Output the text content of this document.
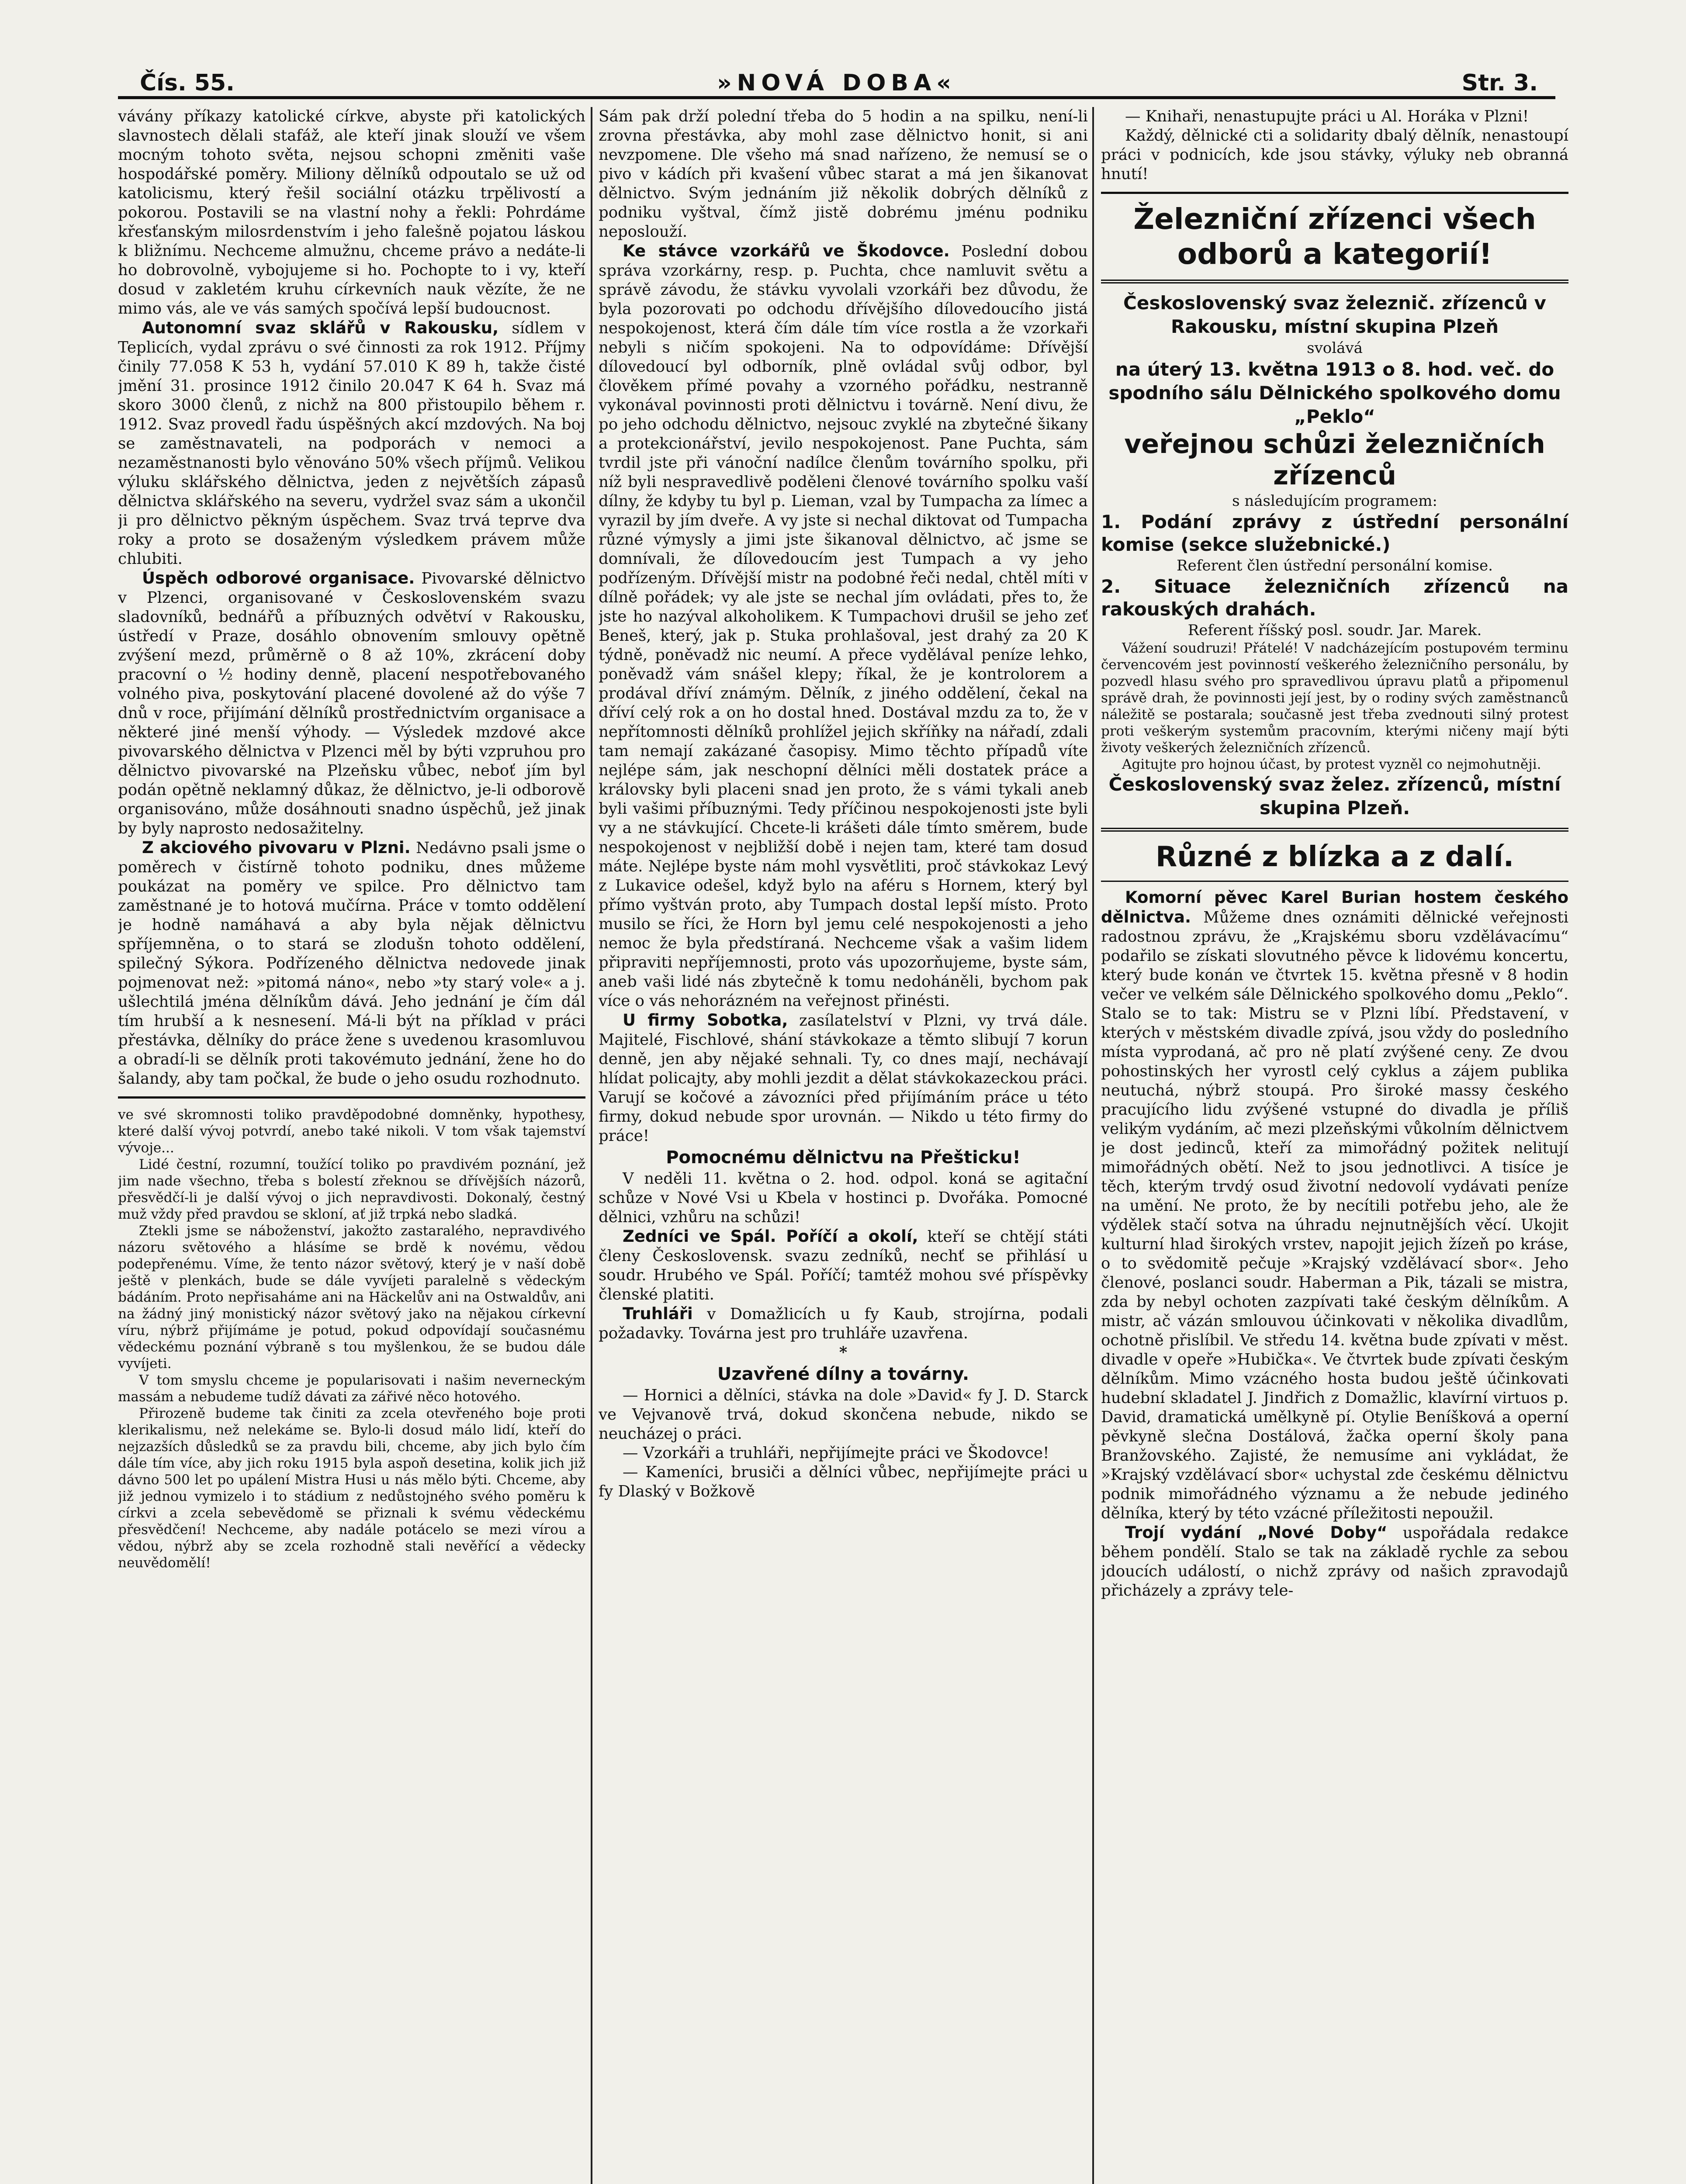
Čís. 55.	»NOVÁ DOBA«	Str. 3.

vávány příkazy katolické církve, abyste při katolických slavnostech dělali stafáž, ale kteří jinak slouží ve všem mocným tohoto světa, nejsou schopni změniti vaše hospodářské poměry. Miliony dělníků odpoutalo se už od katolicismu, který řešil sociální otázku trpělivostí a pokorou. Postavili se na vlastní nohy a řekli: Pohrdáme křesťanským milosrdenstvím i jeho falešně pojatou láskou k bližnímu. Nechceme almužnu, chceme právo a nedáte-li ho dobrovolně, vybojujeme si ho. Pochopte to i vy, kteří dosud v zakletém kruhu církevních nauk vězíte, že ne mimo vás, ale ve vás samých spočívá lepší budoucnost.

Autonomní svaz sklářů v Rakousku, sídlem v Teplicích, vydal zprávu o své činnosti za rok 1912. Příjmy činily 77.058 K 53 h, vydání 57.010 K 89 h, takže čisté jmění 31. prosince 1912 činilo 20.047 K 64 h. Svaz má skoro 3000 členů, z nichž na 800 přistoupilo během r. 1912. Svaz provedl řadu úspěšných akcí mzdových. Na boj se zaměstnavateli, na podporách v nemoci a nezaměstnanosti bylo věnováno 50% všech příjmů. Velikou výluku sklářského dělnictva, jeden z největších zápasů dělnictva sklářského na severu, vydržel svaz sám a ukončil ji pro dělnictvo pěkným úspěchem. Svaz trvá teprve dva roky a proto se dosaženým výsledkem právem může chlubiti.

Úspěch odborové organisace. Pivovarské dělnictvo v Plzenci, organisované v Československém svazu sladovníků, bednářů a příbuzných odvětví v Rakousku, ústředí v Praze, dosáhlo obnovením smlouvy opětně zvýšení mezd, průměrně o 8 až 10%, zkrácení doby pracovní o ½ hodiny denně, placení nespotřebovaného volného piva, poskytování placené dovolené až do výše 7 dnů v roce, přijímání dělníků prostřednictvím organisace a některé jiné menší výhody. — Výsledek mzdové akce pivovarského dělnictva v Plzenci měl by býti vzpruhou pro dělnictvo pivovarské na Plzeňsku vůbec, neboť jím byl podán opětně neklamný důkaz, že dělnictvo, je-li odborově organisováno, může dosáhnouti snadno úspěchů, jež jinak by byly naprosto nedosažitelny.

Z akciového pivovaru v Plzni. Nedávno psali jsme o poměrech v čistírně tohoto podniku, dnes můžeme poukázat na poměry ve spilce. Pro dělnictvo tam zaměstnané je to hotová mučírna. Práce v tomto oddělení je hodně namáhavá a aby byla nějak dělnictvu spříjemněna, o to stará se zlodušn tohoto oddělení, spilečný Sýkora. Podřízeného dělnictva nedovede jinak pojmenovat než: »pitomá náno«, nebo »ty starý vole« a j. ušlechtilá jména dělníkům dává. Jeho jednání je čím dál tím hrubší a k nesnesení. Má-li být na příklad v práci přestávka, dělníky do práce žene s uvedenou krasomluvou a obradí-li se dělník proti takovémuto jednání, žene ho do šalandy, aby tam počkal, že bude o jeho osudu rozhodnuto.

ve své skromnosti toliko pravděpodobné domněnky, hypothesy, které další vývoj potvrdí, anebo také nikoli. V tom však tajemství vývoje...

Lidé čestní, rozumní, toužící toliko po pravdivém poznání, jež jim nade všechno, třeba s bolestí zřeknou se dřívějších názorů, přesvědčí-li je další vývoj o jich nepravdivosti. Dokonalý, čestný muž vždy před pravdou se skloní, ať již trpká nebo sladká.

Ztekli jsme se náboženství, jakožto zastaralého, nepravdivého názoru světového a hlásíme se brdě k novému, vědou podepřenému. Víme, že tento názor světový, který je v naší době ještě v plenkách, bude se dále vyvíjeti paralelně s vědeckým bádáním. Proto nepřisaháme ani na Häckelův ani na Ostwaldův, ani na žádný jiný monistický názor světový jako na nějakou církevní víru, nýbrž přijímáme je potud, pokud odpovídají současnému vědeckému poznání výbraně s tou myšlenkou, že se budou dále vyvíjeti.

V tom smyslu chceme je popularisovati i našim neverneckým massám a nebudeme tudíž dávati za zářivé něco hotového.

Přirozeně budeme tak činiti za zcela otevřeného boje proti klerikalismu, než nelekáme se. Bylo-li dosud málo lidí, kteří do nejzazších důsledků se za pravdu bili, chceme, aby jich bylo čím dále tím více, aby jich roku 1915 byla aspoň desetina, kolik jich již dávno 500 let po upálení Mistra Husi u nás mělo býti. Chceme, aby již jednou vymizelo i to stádium z nedůstojného svého poměru k církvi a zcela sebevědomě se přiznali k svému vědeckému přesvědčení! Nechceme, aby nadále potácelo se mezi vírou a vědou, nýbrž aby se zcela rozhodně stali nevěřící a vědecky neuvědomělí!

Sám pak drží polední třeba do 5 hodin a na spilku, není-li zrovna přestávka, aby mohl zase dělnictvo honit, si ani nevzpomene. Dle všeho má snad nařízeno, že nemusí se o pivo v kádích při kvašení vůbec starat a má jen šikanovat dělnictvo. Svým jednáním již několik dobrých dělníků z podniku vyštval, čímž jistě dobrému jménu podniku neposlouží.

Ke stávce vzorkářů ve Škodovce. Poslední dobou správa vzorkárny, resp. p. Puchta, chce namluvit světu a správě závodu, že stávku vyvolali vzorkáři bez důvodu, že byla pozorovati po odchodu dřívějšího dílovedoucího jistá nespokojenost, která čím dále tím více rostla a že vzorkaři nebyli s ničím spokojeni. Na to odpovídáme: Dřívější dílovedoucí byl odborník, plně ovládal svůj odbor, byl člověkem přímé povahy a vzorného pořádku, nestranně vykonával povinnosti proti dělnictvu i továrně. Není divu, že po jeho odchodu dělnictvo, nejsouc zvyklé na zbytečné šikany a protekcionářství, jevilo nespokojenost. Pane Puchta, sám tvrdil jste při vánoční nadílce členům továrního spolku, při níž byli nespravedlivě poděleni členové továrního spolku vaší dílny, že kdyby tu byl p. Lieman, vzal by Tumpacha za límec a vyrazil by jím dveře. A vy jste si nechal diktovat od Tumpacha různé výmysly a jimi jste šikanoval dělnictvo, ač jsme se domnívali, že dílovedoucím jest Tumpach a vy jeho podřízeným. Dřívější mistr na podobné řeči nedal, chtěl míti v dílně pořádek; vy ale jste se nechal jím ovládati, přes to, že jste ho nazýval alkoholikem. K Tumpachovi drušil se jeho zeť Beneš, který, jak p. Stuka prohlašoval, jest drahý za 20 K týdně, poněvadž nic neumí. A přece vydělával peníze lehko, poněvadž vám snášel klepy; říkal, že je kontrolorem a prodával dříví známým. Dělník, z jiného oddělení, čekal na dříví celý rok a on ho dostal hned. Dostával mzdu za to, že v nepřítomnosti dělníků prohlížel jejich skříňky na nářadí, zdali tam nemají zakázané časopisy. Mimo těchto případů víte nejlépe sám, jak neschopní dělníci měli dostatek práce a královsky byli placeni snad jen proto, že s vámi tykali aneb byli vašimi příbuznými. Tedy příčinou nespokojenosti jste byli vy a ne stávkující. Chcete-li krášeti dále tímto směrem, bude nespokojenost v nejbližší době i nejen tam, které tam dosud máte. Nejlépe byste nám mohl vysvětliti, proč stávkokaz Levý z Lukavice odešel, když bylo na aféru s Hornem, který byl přímo vyštván proto, aby Tumpach dostal lepší místo. Proto musilo se říci, že Horn byl jemu celé nespokojenosti a jeho nemoc že byla předstíraná. Nechceme však a vašim lidem připraviti nepříjemnosti, proto vás upozorňujeme, byste sám, aneb vaši lidé nás zbytečně k tomu nedoháněli, bychom pak více o vás nehorázném na veřejnost přinésti.

U firmy Sobotka, zasílatelství v Plzni, vy trvá dále. Majitelé, Fischlové, shání stávkokaze a těmto slibují 7 korun denně, jen aby nějaké sehnali. Ty, co dnes mají, nechávají hlídat policajty, aby mohli jezdit a dělat stávkokazeckou práci. Varují se kočové a závozníci před přijímáním práce u této firmy, dokud nebude spor urovnán. — Nikdo u této firmy do práce!

Pomocnému dělnictvu na Přešticku!

V neděli 11. května o 2. hod. odpol. koná se agitační schůze v Nové Vsi u Kbela v hostinci p. Dvořáka. Pomocné dělnici, vzhůru na schůzi!

Zedníci ve Spál. Poříčí a okolí, kteří se chtějí státi členy Československ. svazu zedníků, nechť se přihlásí u soudr. Hrubého ve Spál. Poříčí; tamtéž mohou své příspěvky členské platiti.

Truhláři v Domažlicích u fy Kaub, strojírna, podali požadavky. Továrna jest pro truhláře uzavřena.

*
Uzavřené dílny a továrny.

— Hornici a dělníci, stávka na dole »David« fy J. D. Starck ve Vejvanově trvá, dokud skončena nebude, nikdo se neucházej o práci.

— Vzorkáři a truhláři, nepřijímejte práci ve Škodovce!

— Kameníci, brusiči a dělníci vůbec, nepřijímejte práci u fy Dlaský v Božkově

— Knihaři, nenastupujte práci u Al. Horáka v Plzni!

Každý, dělnické cti a solidarity dbalý dělník, nenastoupí práci v podnicích, kde jsou stávky, výluky neb obranná hnutí!

Železniční zřízenci všech odborů a kategorií!
Československý svaz železnič. zřízenců v Rakousku, místní skupina Plzeň
svolává
na úterý 13. května 1913 o 8. hod. več. do spodního sálu Dělnického spolkového domu „Peklo“
veřejnou schůzi železničních zřízenců
s následujícím programem:
1. Podání zprávy z ústřední personální komise (sekce služebnické.)
Referent člen ústřední personální komise.
2. Situace železničních zřízenců na rakouských drahách.
Referent říšský posl. soudr. Jar. Marek.

Vážení soudruzi! Přátelé! V nadcházejícím postupovém terminu červencovém jest povinností veškerého železničního personálu, by pozvedl hlasu svého pro spravedlivou úpravu platů a připomenul správě drah, že povinnosti její jest, by o rodiny svých zaměstnanců náležitě se postarala; současně jest třeba zvednouti silný protest proti veškerým systemům pracovním, kterými ničeny mají býti životy veškerých železničních zřízenců.

Agitujte pro hojnou účast, by protest vyzněl co nejmohutněji.

Československý svaz želez. zřízenců, místní skupina Plzeň.
Různé z blízka a z dalí.

Komorní pěvec Karel Burian hostem českého dělnictva. Můžeme dnes oznámiti dělnické veřejnosti radostnou zprávu, že „Krajskému sboru vzdělávacímu“ podařilo se získati slovutného pěvce k lidovému koncertu, který bude konán ve čtvrtek 15. května přesně v 8 hodin večer ve velkém sále Dělnického spolkového domu „Peklo“. Stalo se to tak: Mistru se v Plzni líbí. Představení, v kterých v městském divadle zpívá, jsou vždy do posledního místa vyprodaná, ač pro ně platí zvýšené ceny. Ze dvou pohostinských her vyrostl celý cyklus a zájem publika neutuchá, nýbrž stoupá. Pro široké massy českého pracujícího lidu zvýšené vstupné do divadla je příliš velikým vydáním, ač mezi plzeňskými vůkolním dělnictvem je dost jedinců, kteří za mimořádný požitek nelitují mimořádných obětí. Než to jsou jednotlivci. A tisíce je těch, kterým trvdý osud životní nedovolí vydávati peníze na umění. Ne proto, že by necítili potřebu jeho, ale že výdělek stačí sotva na úhradu nejnutnějších věcí. Ukojit kulturní hlad širokých vrstev, napojit jejich žízeň po kráse, o to svědomitě pečuje »Krajský vzdělávací sbor«. Jeho členové, poslanci soudr. Haberman a Pik, tázali se mistra, zda by nebyl ochoten zazpívati také českým dělníkům. A mistr, ač vázán smlouvou účinkovati v několika divadlům, ochotně přislíbil. Ve středu 14. května bude zpívati v měst. divadle v opeře »Hubička«. Ve čtvrtek bude zpívati českým dělníkům. Mimo vzácného hosta budou ještě účinkovati hudební skladatel J. Jindřich z Domažlic, klavírní virtuos p. David, dramatická umělkyně pí. Otylie Beníšková a operní pěvkyně slečna Dostálová, žačka operní školy pana Branžovského. Zajisté, že nemusíme ani vykládat, že »Krajský vzdělávací sbor« uchystal zde českému dělnictvu podnik mimořádného významu a že nebude jediného dělníka, který by této vzácné příležitosti nepoužil.

Trojí vydání „Nové Doby“ uspořádala redakce během pondělí. Stalo se tak na základě rychle za sebou jdoucích událostí, o nichž zprávy od našich zpravodajů přicházely a zprávy tele-
